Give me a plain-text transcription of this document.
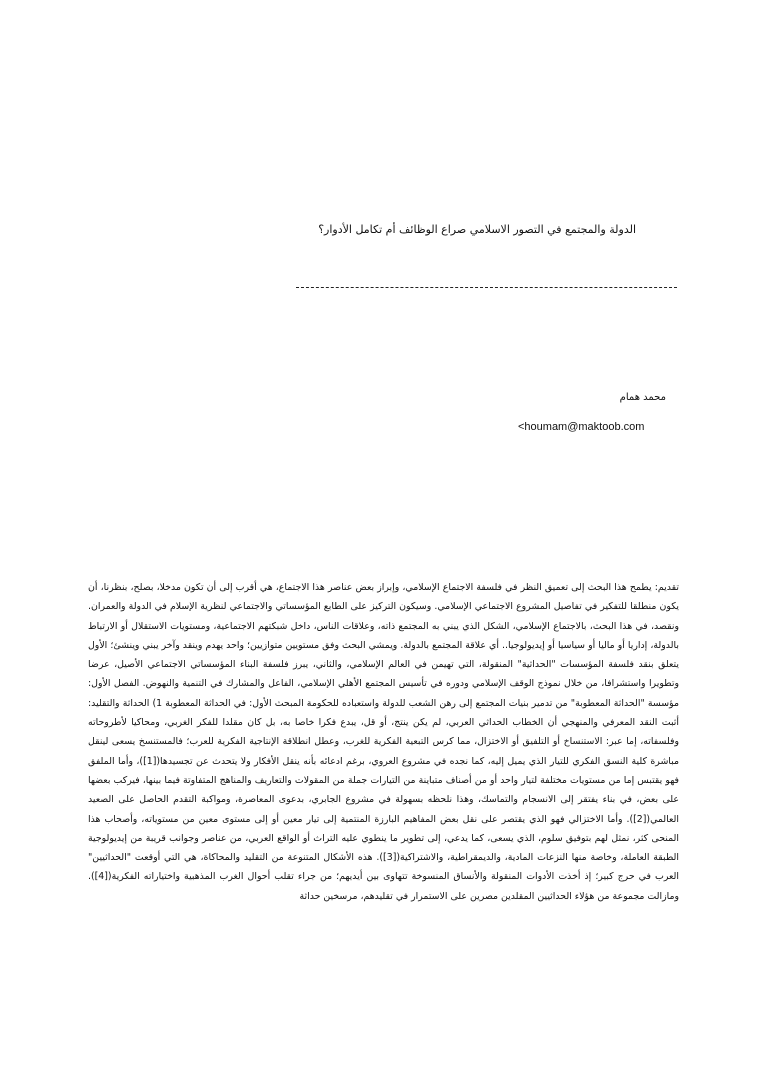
الدولة والمجتمع في التصور الاسلامي صراع الوظائف أم تكامل الأدوار؟
محمد همام
<houmam@maktoob.com
تقديم: يطمح هذا البحث إلى تعميق النظر في فلسفة الاجتماع الإسلامي، وإبراز بعض عناصر هذا الاجتماع، هي أقرب إلى أن تكون مدخلا، بصلح، بنظرنا، أن يكون منطلقا للتفكير في تفاصيل المشروع الاجتماعي الإسلامي. وسيكون التركيز على الطابع المؤسساتي والاجتماعي لنظرية الإسلام في الدولة والعمران. ونقصد، في هذا البحث، بالاجتماع الإسلامي، الشكل الذي يبني به المجتمع ذاته، وعلاقات الناس، داخل شبكتهم الاجتماعية، ومستويات الاستقلال أو الارتباط بالدولة، إداريا أو ماليا أو سياسيا أو إيديولوجيا.. أي علاقة المجتمع بالدولة. ويمشي البحث وفق مستويين متوازيين؛ واحد يهدم وينقد وآخر يبني وينشئ؛ الأول يتعلق بنقد فلسفة المؤسسات "الحداثية" المنقولة، التي تهيمن في العالم الإسلامي، والثاني، يبرز فلسفة البناء المؤسساتي الاجتماعي الأصيل، عرضا وتطويرا واستشرافا، من خلال نموذج الوقف الإسلامي ودوره في تأسيس المجتمع الأهلي الإسلامي، الفاعل والمشارك في التنمية والنهوض. الفصل الأول: مؤسسة "الحداثة المعطوبة" من تدمير بنيات المجتمع إلى رهن الشعب للدولة واستعباده للحكومة المبحث الأول: في الحداثة المعطوبة 1) الحداثة والتقليد: أثبت النقد المعرفي والمنهجي أن الخطاب الحداثي العربي، لم يكن ينتج، أو قل، يبدع فكرا خاصا به، بل كان مقلدا للفكر الغربي، ومحاكيا لأطروحاته وفلسفاته، إما عبر: الاستنساخ أو التلفيق أو الاختزال، مما كرس التبعية الفكرية للغرب، وعطل انطلاقة الإنتاجية الفكرية للعرب؛ فالمستنسخ يسعى لينقل مباشرة كلية النسق الفكري للتيار الذي يميل إليه، كما نجده في مشروع العروي، برغم ادعائه بأنه ينقل الأفكار ولا يتحدث عن تجسيدها([1])، وأما الملفق فهو يقتبس إما من مستويات مختلفة لتيار واحد أو من أصناف متباينة من التيارات جملة من المقولات والتعاريف والمناهج المتفاوتة فيما بينها، فيركب بعضها على بعض، في بناء يفتقر إلى الانسجام والتماسك، وهذا نلحظه بسهولة في مشروع الجابري، بدعوى المعاصرة، ومواكبة التقدم الحاصل على الصعيد العالمي([2]). وأما الاختزالي فهو الذي يقتصر على نقل بعض المفاهيم البارزة المنتمية إلى تيار معين أو إلى مستوى معين من مستوياته، وأصحاب هذا المنحى كثر، نمثل لهم بتوفيق سلوم، الذي يسعى، كما يدعي، إلى تطوير ما ينطوي عليه التراث أو الواقع العربي، من عناصر وجوانب قريبة من إيديولوجية الطبقة العاملة، وخاصة منها النزعات المادية، والديمقراطية، والاشتراكية([3]). هذه الأشكال المتنوعة من التقليد والمحاكاة، هي التي أوقعت "الحداثيين" العرب في حرج كبير؛ إذ أخذت الأدوات المنقولة والأنساق المنسوخة تتهاوى بين أيديهم؛ من جراء تقلب أحوال الغرب المذهبية واختياراته الفكرية([4]). ومازالت مجموعة من هؤلاء الحداثيين المقلدين مصرين على الاستمرار في تقليدهم، مرسخين حداثة
